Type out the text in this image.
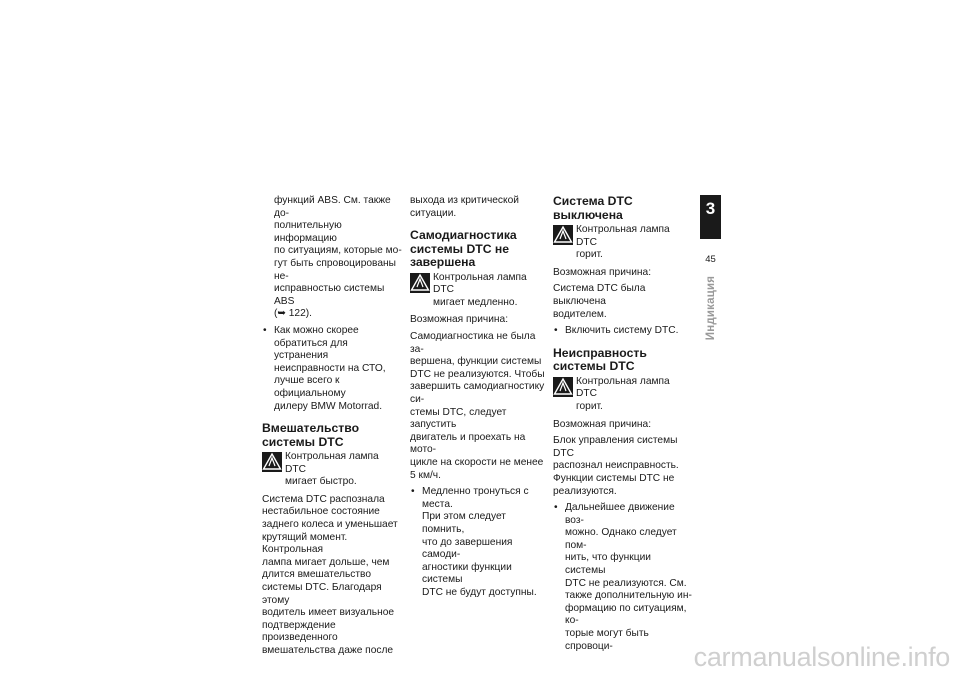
функций ABS. См. также до-
полнительную информацию
по ситуациям, которые мо-
гут быть спровоцированы не-
исправностью системы ABS
(➥ 122).

• Как можно скорее
обратиться для устранения
неисправности на СТО,
лучше всего к официальному
дилеру BMW Motorrad.
Вмешательство системы DTC
Контрольная лампа DTC
мигает быстро.

Система DTC распознала
нестабильное состояние
заднего колеса и уменьшает
крутящий момент. Контрольная
лампа мигает дольше, чем
длится вмешательство
системы DTC. Благодаря этому
водитель имеет визуальное
подтверждение произведенного
вмешательства даже после

выхода из критической
ситуации.

Самодиагностика системы DTC не завершена
Контрольная лампа DTC
мигает медленно.

Возможная причина:

Самодиагностика не была за-
вершена, функции системы
DTC не реализуются. Чтобы
завершить самодиагностику си-
стемы DTC, следует запустить
двигатель и проехать на мото-
цикле на скорости не менее
5 км/ч.

• Медленно тронуться с места.
При этом следует помнить,
что до завершения самоди-
агностики функции системы
DTC не будут доступны.
Система DTC выключена
Контрольная лампа DTC
горит.

Возможная причина:

Система DTC была выключена
водителем.

• Включить систему DTC.
Неисправность системы DTC
Контрольная лампа DTC
горит.

Возможная причина:

Блок управления системы DTC
распознал неисправность.
Функции системы DTC не
реализуются.

• Дальнейшее движение воз-
можно. Однако следует пом-
нить, что функции системы
DTC не реализуются. См.
также дополнительную ин-
формацию по ситуациям, ко-
торые могут быть спровоци-
3
45
Индикация
carmanualsonline.info
